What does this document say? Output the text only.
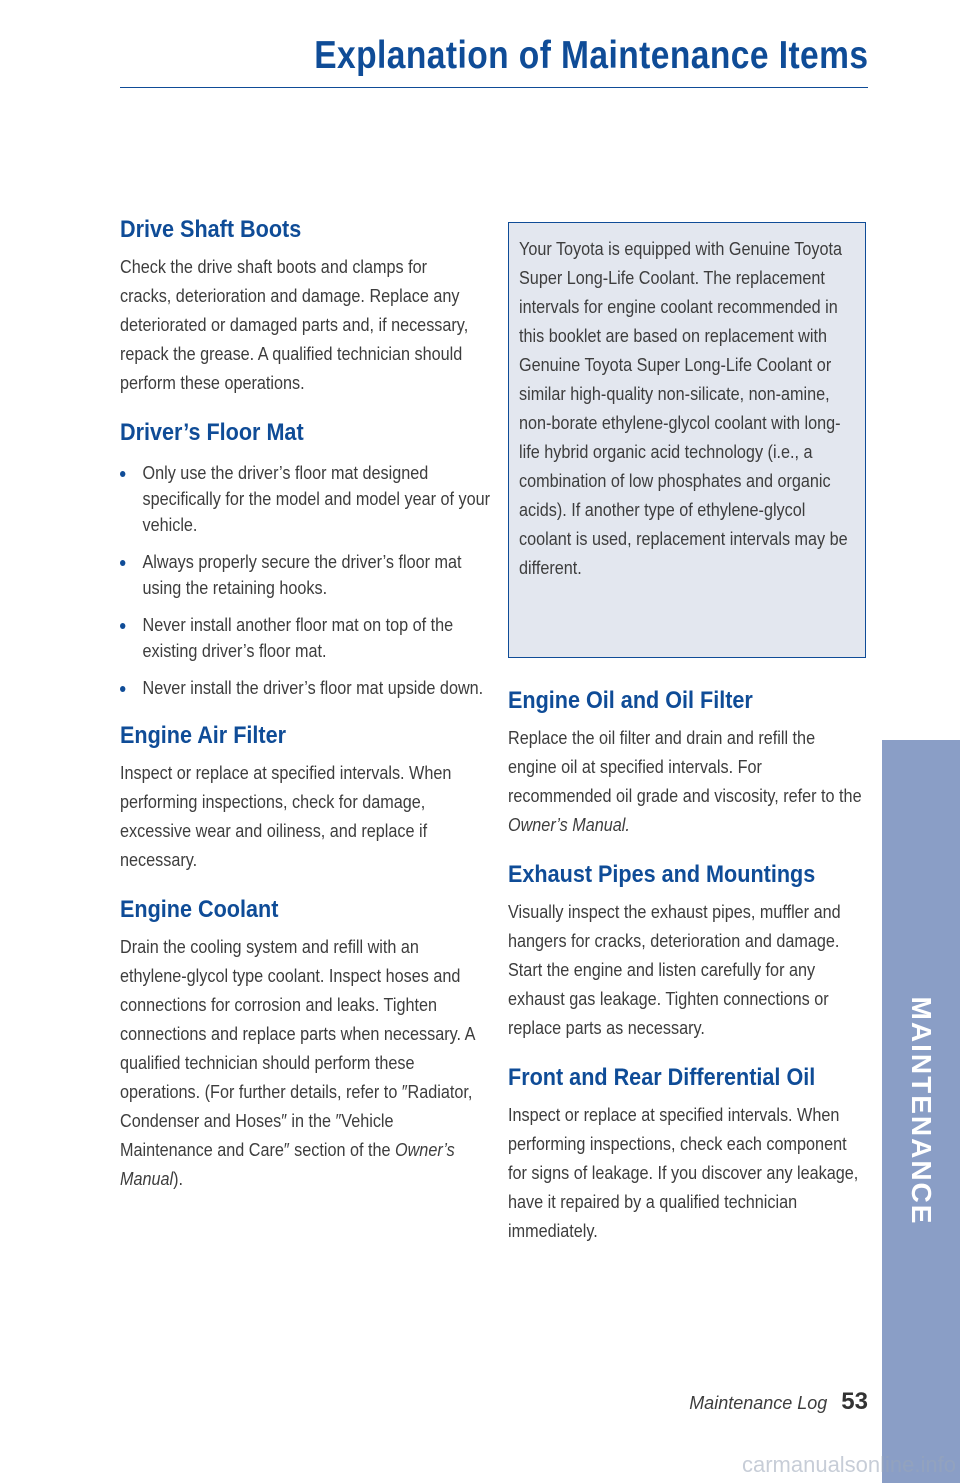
Explanation of Maintenance Items
Drive Shaft Boots

Check the drive shaft boots and clamps for cracks, deterioration and damage. Replace any deteriorated or damaged parts and, if necessary, repack the grease. A qualified technician should perform these operations.

Driver’s Floor Mat
Only use the driver’s floor mat designed specifically for the model and model year of your vehicle.
Always properly secure the driver’s floor mat using the retaining hooks.
Never install another floor mat on top of the existing driver’s floor mat.
Never install the driver’s floor mat upside down.
Engine Air Filter

Inspect or replace at specified intervals. When performing inspections, check for damage, excessive wear and oiliness, and replace if necessary.

Engine Coolant

Drain the cooling system and refill with an ethylene-glycol type coolant. Inspect hoses and connections for corrosion and leaks. Tighten connections and replace parts when necessary. A qualified technician should perform these operations. (For further details, refer to ″Radiator, Condenser and Hoses″ in the ″Vehicle Maintenance and Care″ section of the Owner’s Manual).

Your Toyota is equipped with Genuine Toyota Super Long-Life Coolant. The replacement intervals for engine coolant recommended in this booklet are based on replacement with Genuine Toyota Super Long-Life Coolant or similar high-quality non-silicate, non-amine, non-borate ethylene-glycol coolant with long-life hybrid organic acid technology (i.e., a combination of low phosphates and organic acids). If another type of ethylene-glycol coolant is used, replacement intervals may be different.

Engine Oil and Oil Filter

Replace the oil filter and drain and refill the engine oil at specified intervals. For recommended oil grade and viscosity, refer to the Owner’s Manual.

Exhaust Pipes and Mountings

Visually inspect the exhaust pipes, muffler and hangers for cracks, deterioration and damage. Start the engine and listen carefully for any exhaust gas leakage. Tighten connections or replace parts as necessary.

Front and Rear Differential Oil

Inspect or replace at specified intervals. When performing inspections, check each component for signs of leakage. If you discover any leakage, have it repaired by a qualified technician immediately.

MAINTENANCE
Maintenance Log 53
carmanualsonline.info
